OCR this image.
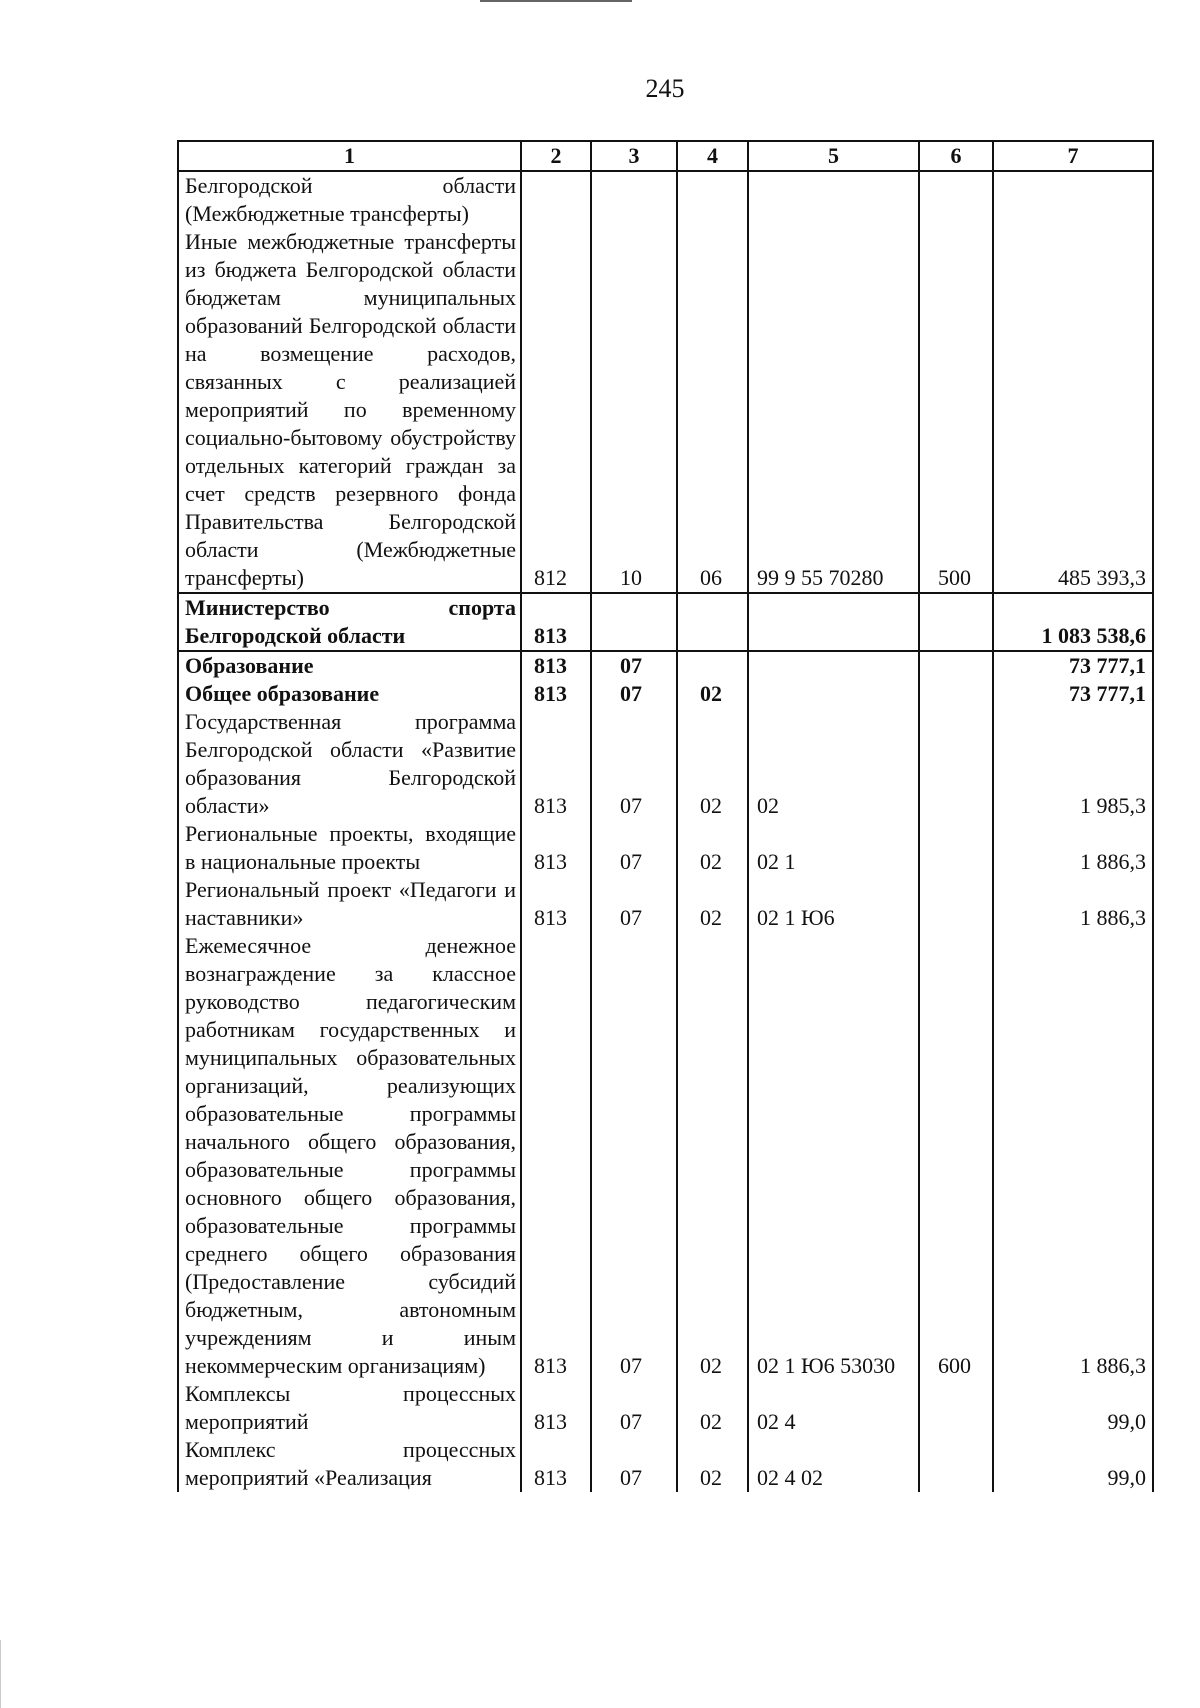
245
1	2	3	4	5	6	7
Белгородской области (Межбюджетные трансферты)						
Иные межбюджетные трансферты из бюджета Белгородской области бюджетам муниципальных образований Белгородской области на возмещение расходов, связанных с реализацией мероприятий по временному социально-бытовому обустройству отдельных категорий граждан за счет средств резервного фонда Правительства Белгородской области (Межбюджетные трансферты)	812	10	06	99 9 55 70280	500	485 393,3
Министерство спорта Белгородской области	813					1 083 538,6
Образование	813	07				73 777,1
Общее образование	813	07	02			73 777,1
Государственная программа Белгородской области «Развитие образования Белгородской области»	813	07	02	02		1 985,3
Региональные проекты, входящие в национальные проекты	813	07	02	02 1		1 886,3
Региональный проект «Педагоги и наставники»	813	07	02	02 1 Ю6		1 886,3
Ежемесячное денежное вознаграждение за классное руководство педагогическим работникам государственных и муниципальных образовательных организаций, реализующих образовательные программы начального общего образования, образовательные программы основного общего образования, образовательные программы среднего общего образования (Предоставление субсидий бюджетным, автономным учреждениям и иным некоммерческим организациям)	813	07	02	02 1 Ю6 53030	600	1 886,3
Комплексы процессных мероприятий	813	07	02	02 4		99,0
Комплекс процессных мероприятий «Реализация	813	07	02	02 4 02		99,0
